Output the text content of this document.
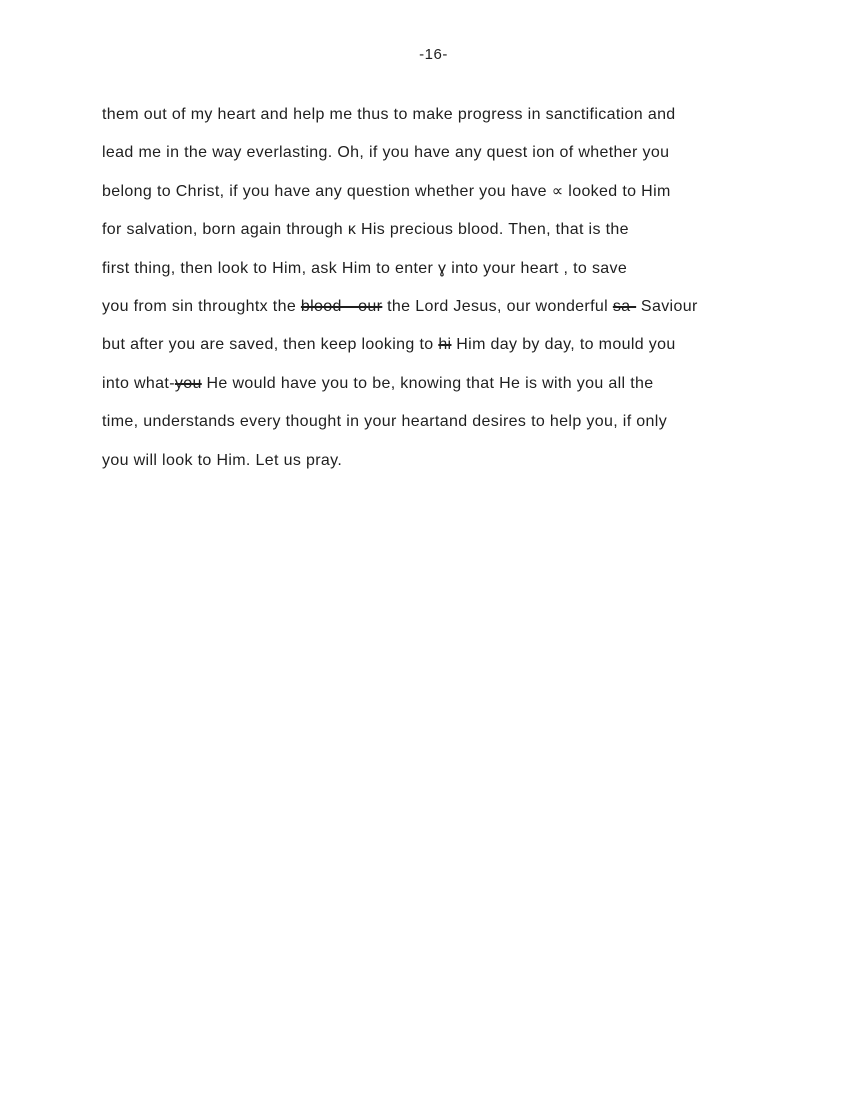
-16-
them out of my heart and help me thus to make progress in sanctification and
lead me in the way everlasting. Oh, if you have any quest ion of whether you
belong to Christ, if you have any question whether you have ∝ looked to Him
for salvation, born again through ĸ His precious blood. Then, that is the
first thing, then look to Him, ask Him to enter ɣ into your heart , to save
you from sin throughtx the blood—our the Lord Jesus, our wonderful sa- Saviour
but after you are saved, then keep looking to hi Him day by day, to mould you
into what-you He would have you to be, knowing that He is with you all the
time, understands every thought in your heartand desires to help you, if only
you will look to Him. Let us pray.
